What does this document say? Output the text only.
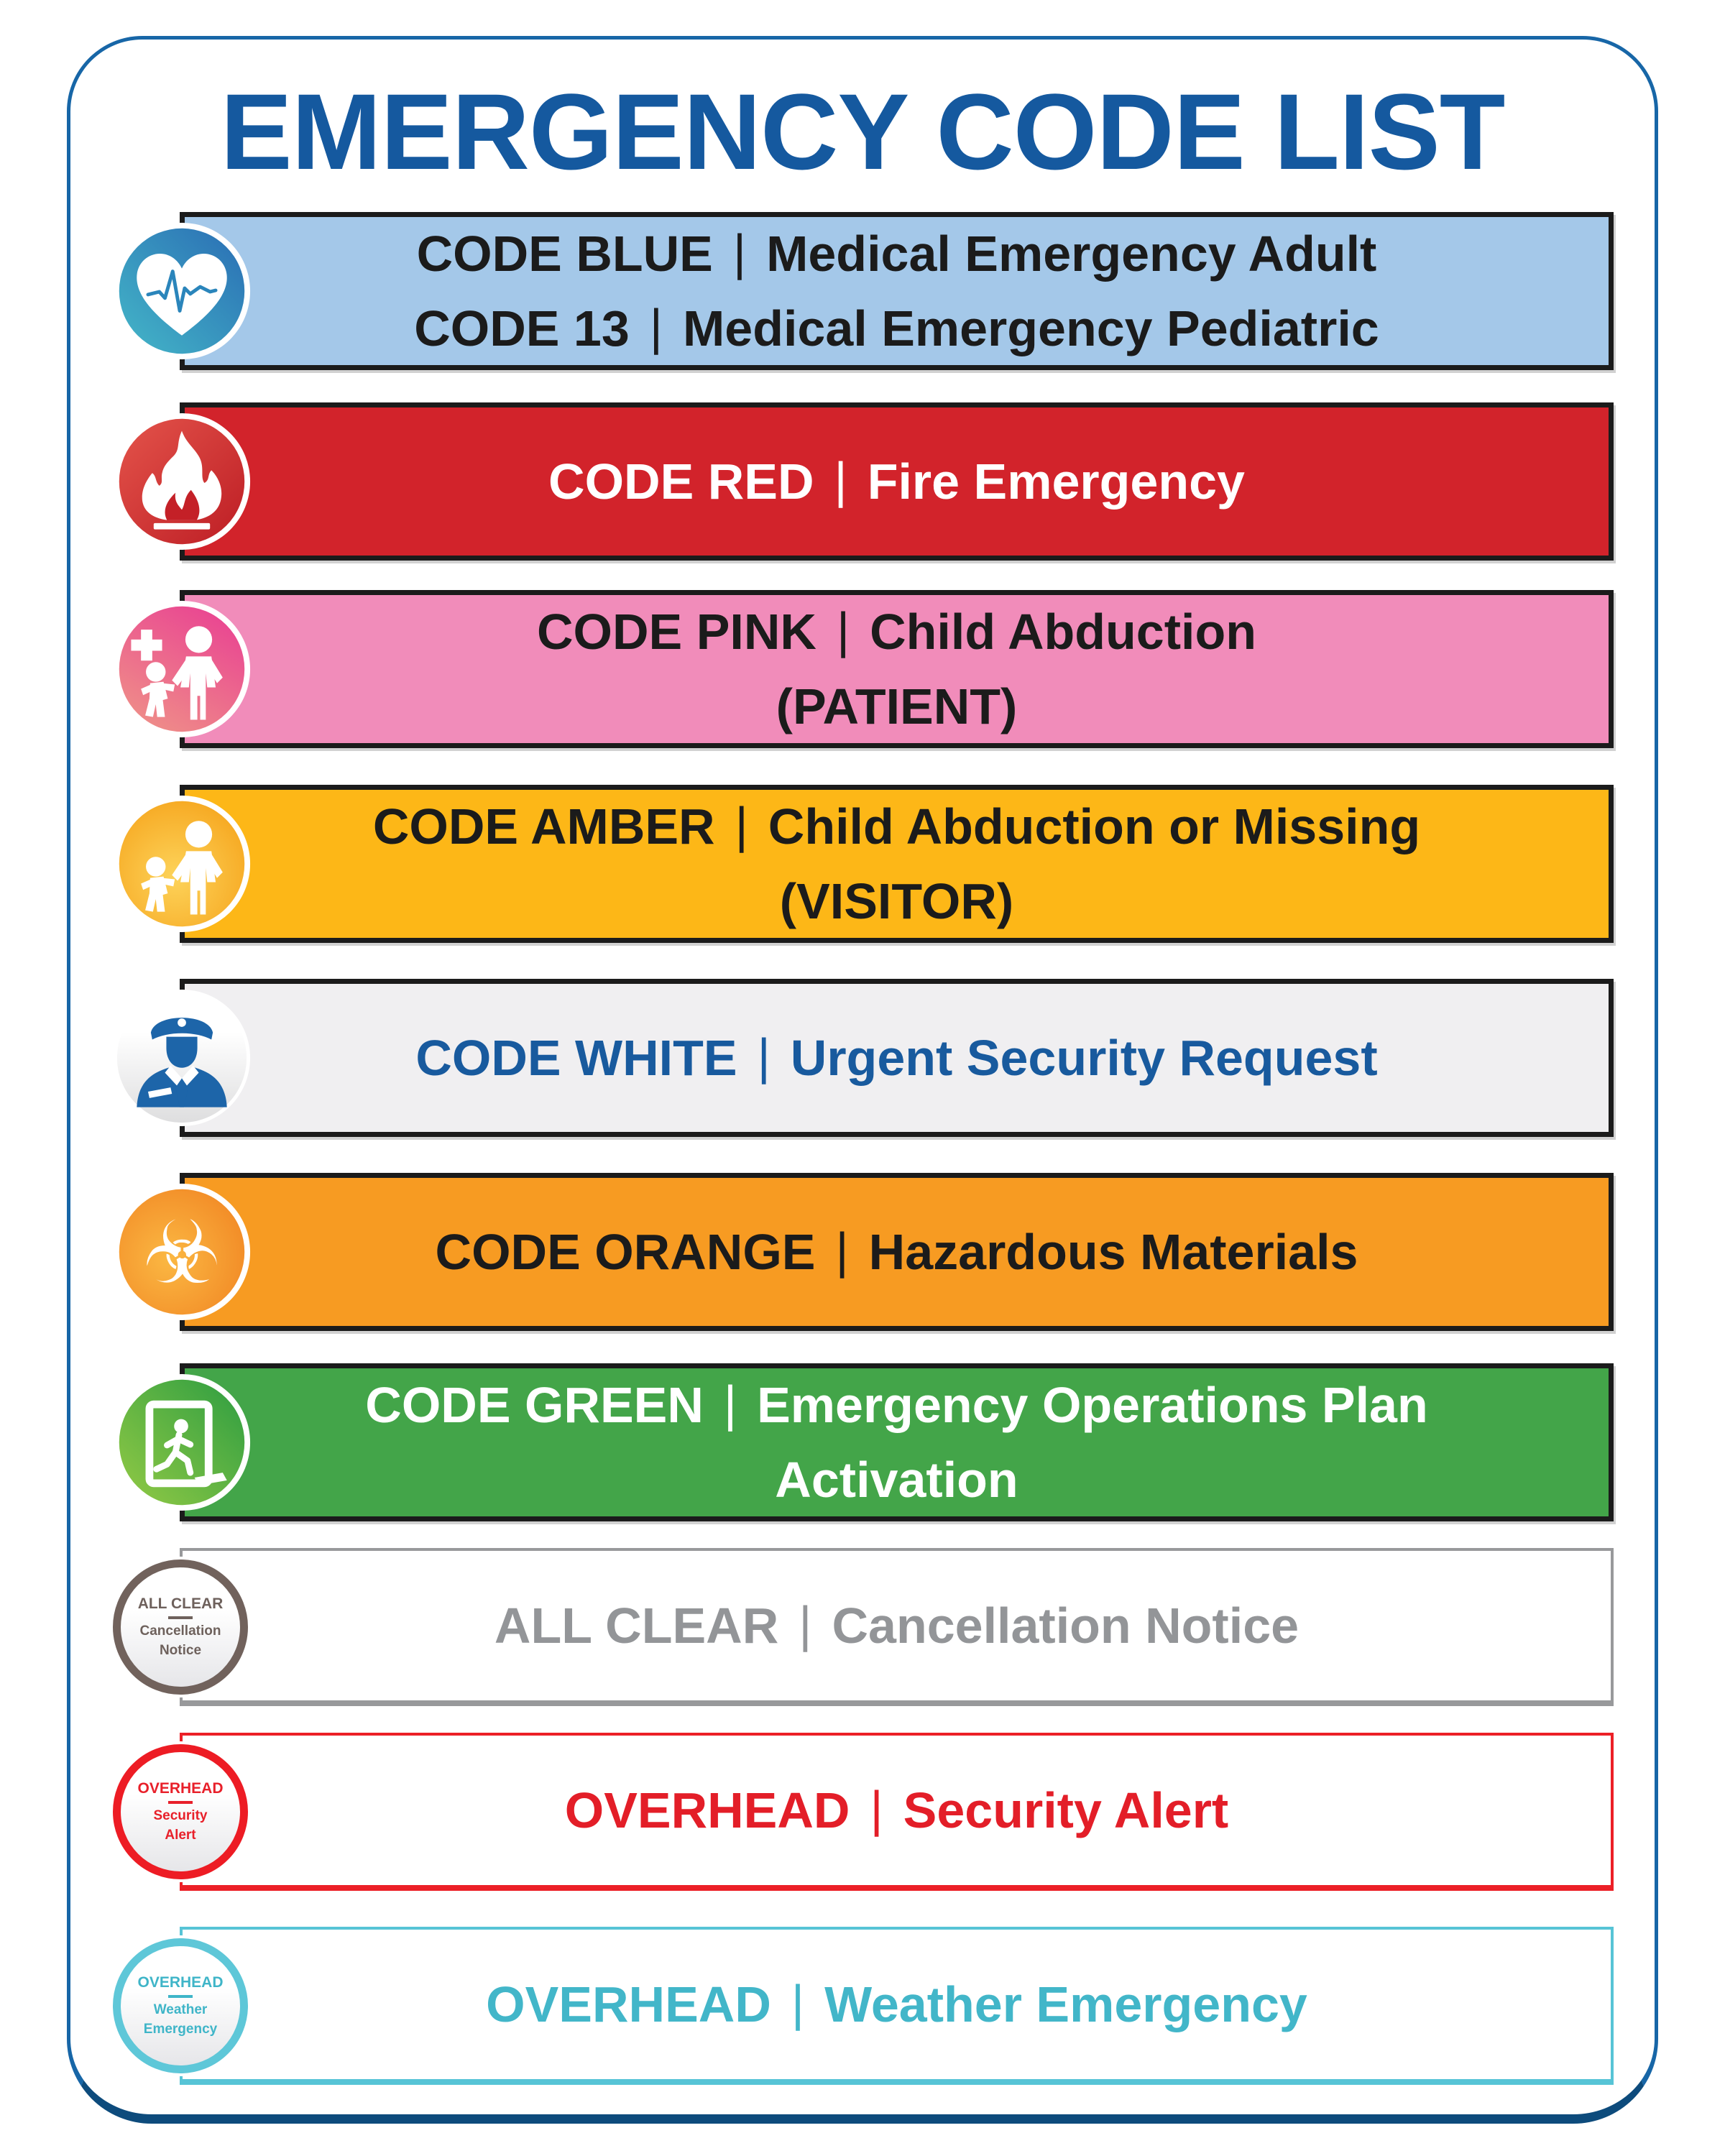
EMERGENCY CODE LIST
CODE BLUE | Medical Emergency Adult
CODE 13 | Medical Emergency Pediatric
CODE RED | Fire Emergency
CODE PINK | Child Abduction
(PATIENT)
CODE AMBER | Child Abduction or Missing
(VISITOR)
CODE WHITE | Urgent Security Request
CODE ORANGE | Hazardous Materials
☣
CODE GREEN | Emergency Operations Plan
Activation
ALL CLEAR | Cancellation Notice
ALL CLEAR
Cancellation
Notice
OVERHEAD | Security Alert
OVERHEAD
Security
Alert
OVERHEAD | Weather Emergency
OVERHEAD
Weather
Emergency
